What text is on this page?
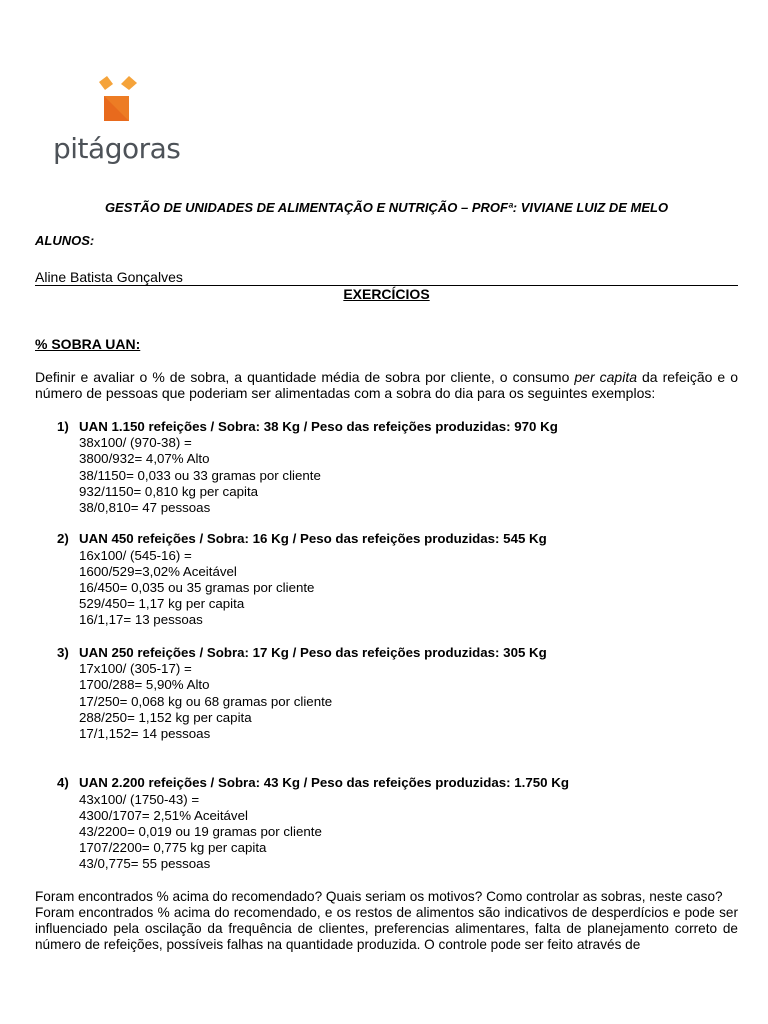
pitágoras

GESTÃO DE UNIDADES DE ALIMENTAÇÃO E NUTRIÇÃO – PROFª: VIVIANE LUIZ DE MELO

ALUNOS:
Aline Batista Gonçalves
EXERCÍCIOS
% SOBRA UAN:
Definir e avaliar o % de sobra, a quantidade média de sobra por cliente, o consumo per capita da refeição e o número de pessoas que poderiam ser alimentadas com a sobra do dia para os seguintes exemplos:
1) UAN 1.150 refeições / Sobra: 38 Kg / Peso das refeições produzidas: 970 Kg
38x100/ (970-38) =
3800/932= 4,07% Alto
38/1150= 0,033 ou 33 gramas por cliente
932/1150= 0,810 kg per capita
38/0,810= 47 pessoas
2) UAN 450 refeições / Sobra: 16 Kg / Peso das refeições produzidas: 545 Kg
16x100/ (545-16) =
1600/529=3,02% Aceitável
16/450= 0,035 ou 35 gramas por cliente
529/450= 1,17 kg per capita
16/1,17= 13 pessoas
3) UAN 250 refeições / Sobra: 17 Kg / Peso das refeições produzidas: 305 Kg
17x100/ (305-17) =
1700/288= 5,90% Alto
17/250= 0,068 kg ou 68 gramas por cliente
288/250= 1,152 kg per capita
17/1,152= 14 pessoas
4) UAN 2.200 refeições / Sobra: 43 Kg / Peso das refeições produzidas: 1.750 Kg
43x100/ (1750-43) =
4300/1707= 2,51% Aceitável
43/2200= 0,019 ou 19 gramas por cliente
1707/2200= 0,775 kg per capita
43/0,775= 55 pessoas
Foram encontrados % acima do recomendado? Quais seriam os motivos? Como controlar as sobras, neste caso?
Foram encontrados % acima do recomendado, e os restos de alimentos são indicativos de desperdícios e pode ser influenciado pela oscilação da frequência de clientes, preferencias alimentares, falta de planejamento correto de número de refeições, possíveis falhas na quantidade produzida. O controle pode ser feito através de
